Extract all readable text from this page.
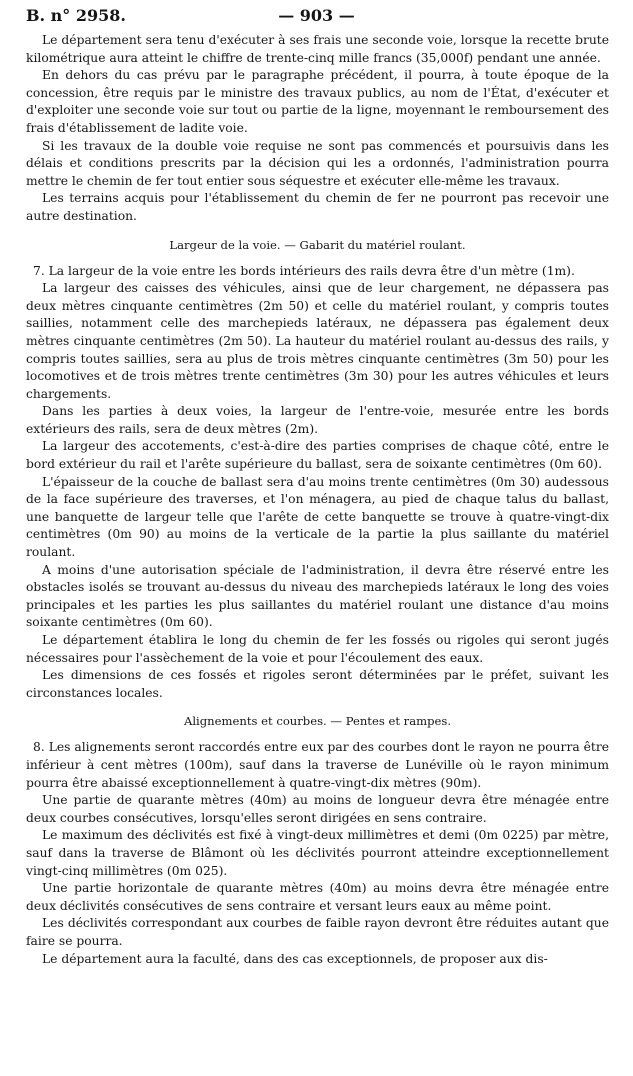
B. n° 2958.	— 903 —

Le département sera tenu d'exécuter à ses frais une seconde voie, lorsque la recette brute kilométrique aura atteint le chiffre de trente-cinq mille francs (35,000f) pendant une année.

En dehors du cas prévu par le paragraphe précédent, il pourra, à toute époque de la concession, être requis par le ministre des travaux publics, au nom de l'État, d'exécuter et d'exploiter une seconde voie sur tout ou partie de la ligne, moyennant le remboursement des frais d'établissement de ladite voie.

Si les travaux de la double voie requise ne sont pas commencés et poursuivis dans les délais et conditions prescrits par la décision qui les a ordonnés, l'administration pourra mettre le chemin de fer tout entier sous séquestre et exécuter elle-même les travaux.

Les terrains acquis pour l'établissement du chemin de fer ne pourront pas recevoir une autre destination.

Largeur de la voie. — Gabarit du matériel roulant.

7. La largeur de la voie entre les bords intérieurs des rails devra être d'un mètre (1m).

La largeur des caisses des véhicules, ainsi que de leur chargement, ne dépassera pas deux mètres cinquante centimètres (2m 50) et celle du matériel roulant, y compris toutes saillies, notamment celle des marchepieds latéraux, ne dépassera pas également deux mètres cinquante centimètres (2m 50). La hauteur du matériel roulant au-dessus des rails, y compris toutes saillies, sera au plus de trois mètres cinquante centimètres (3m 50) pour les locomotives et de trois mètres trente centimètres (3m 30) pour les autres véhicules et leurs chargements.

Dans les parties à deux voies, la largeur de l'entre-voie, mesurée entre les bords extérieurs des rails, sera de deux mètres (2m).

La largeur des accotements, c'est-à-dire des parties comprises de chaque côté, entre le bord extérieur du rail et l'arête supérieure du ballast, sera de soixante centimètres (0m 60).

L'épaisseur de la couche de ballast sera d'au moins trente centimètres (0m 30) audessous de la face supérieure des traverses, et l'on ménagera, au pied de chaque talus du ballast, une banquette de largeur telle que l'arête de cette banquette se trouve à quatre-vingt-dix centimètres (0m 90) au moins de la verticale de la partie la plus saillante du matériel roulant.

A moins d'une autorisation spéciale de l'administration, il devra être réservé entre les obstacles isolés se trouvant au-dessus du niveau des marchepieds latéraux le long des voies principales et les parties les plus saillantes du matériel roulant une distance d'au moins soixante centimètres (0m 60).

Le département établira le long du chemin de fer les fossés ou rigoles qui seront jugés nécessaires pour l'assèchement de la voie et pour l'écoulement des eaux.

Les dimensions de ces fossés et rigoles seront déterminées par le préfet, suivant les circonstances locales.

Alignements et courbes. — Pentes et rampes.

8. Les alignements seront raccordés entre eux par des courbes dont le rayon ne pourra être inférieur à cent mètres (100m), sauf dans la traverse de Lunéville où le rayon minimum pourra être abaissé exceptionnellement à quatre-vingt-dix mètres (90m).

Une partie de quarante mètres (40m) au moins de longueur devra être ménagée entre deux courbes consécutives, lorsqu'elles seront dirigées en sens contraire.

Le maximum des déclivités est fixé à vingt-deux millimètres et demi (0m 0225) par mètre, sauf dans la traverse de Blâmont où les déclivités pourront atteindre exceptionnellement vingt-cinq millimètres (0m 025).

Une partie horizontale de quarante mètres (40m) au moins devra être ménagée entre deux déclivités consécutives de sens contraire et versant leurs eaux au même point.

Les déclivités correspondant aux courbes de faible rayon devront être réduites autant que faire se pourra.

Le département aura la faculté, dans des cas exceptionnels, de proposer aux dis-
